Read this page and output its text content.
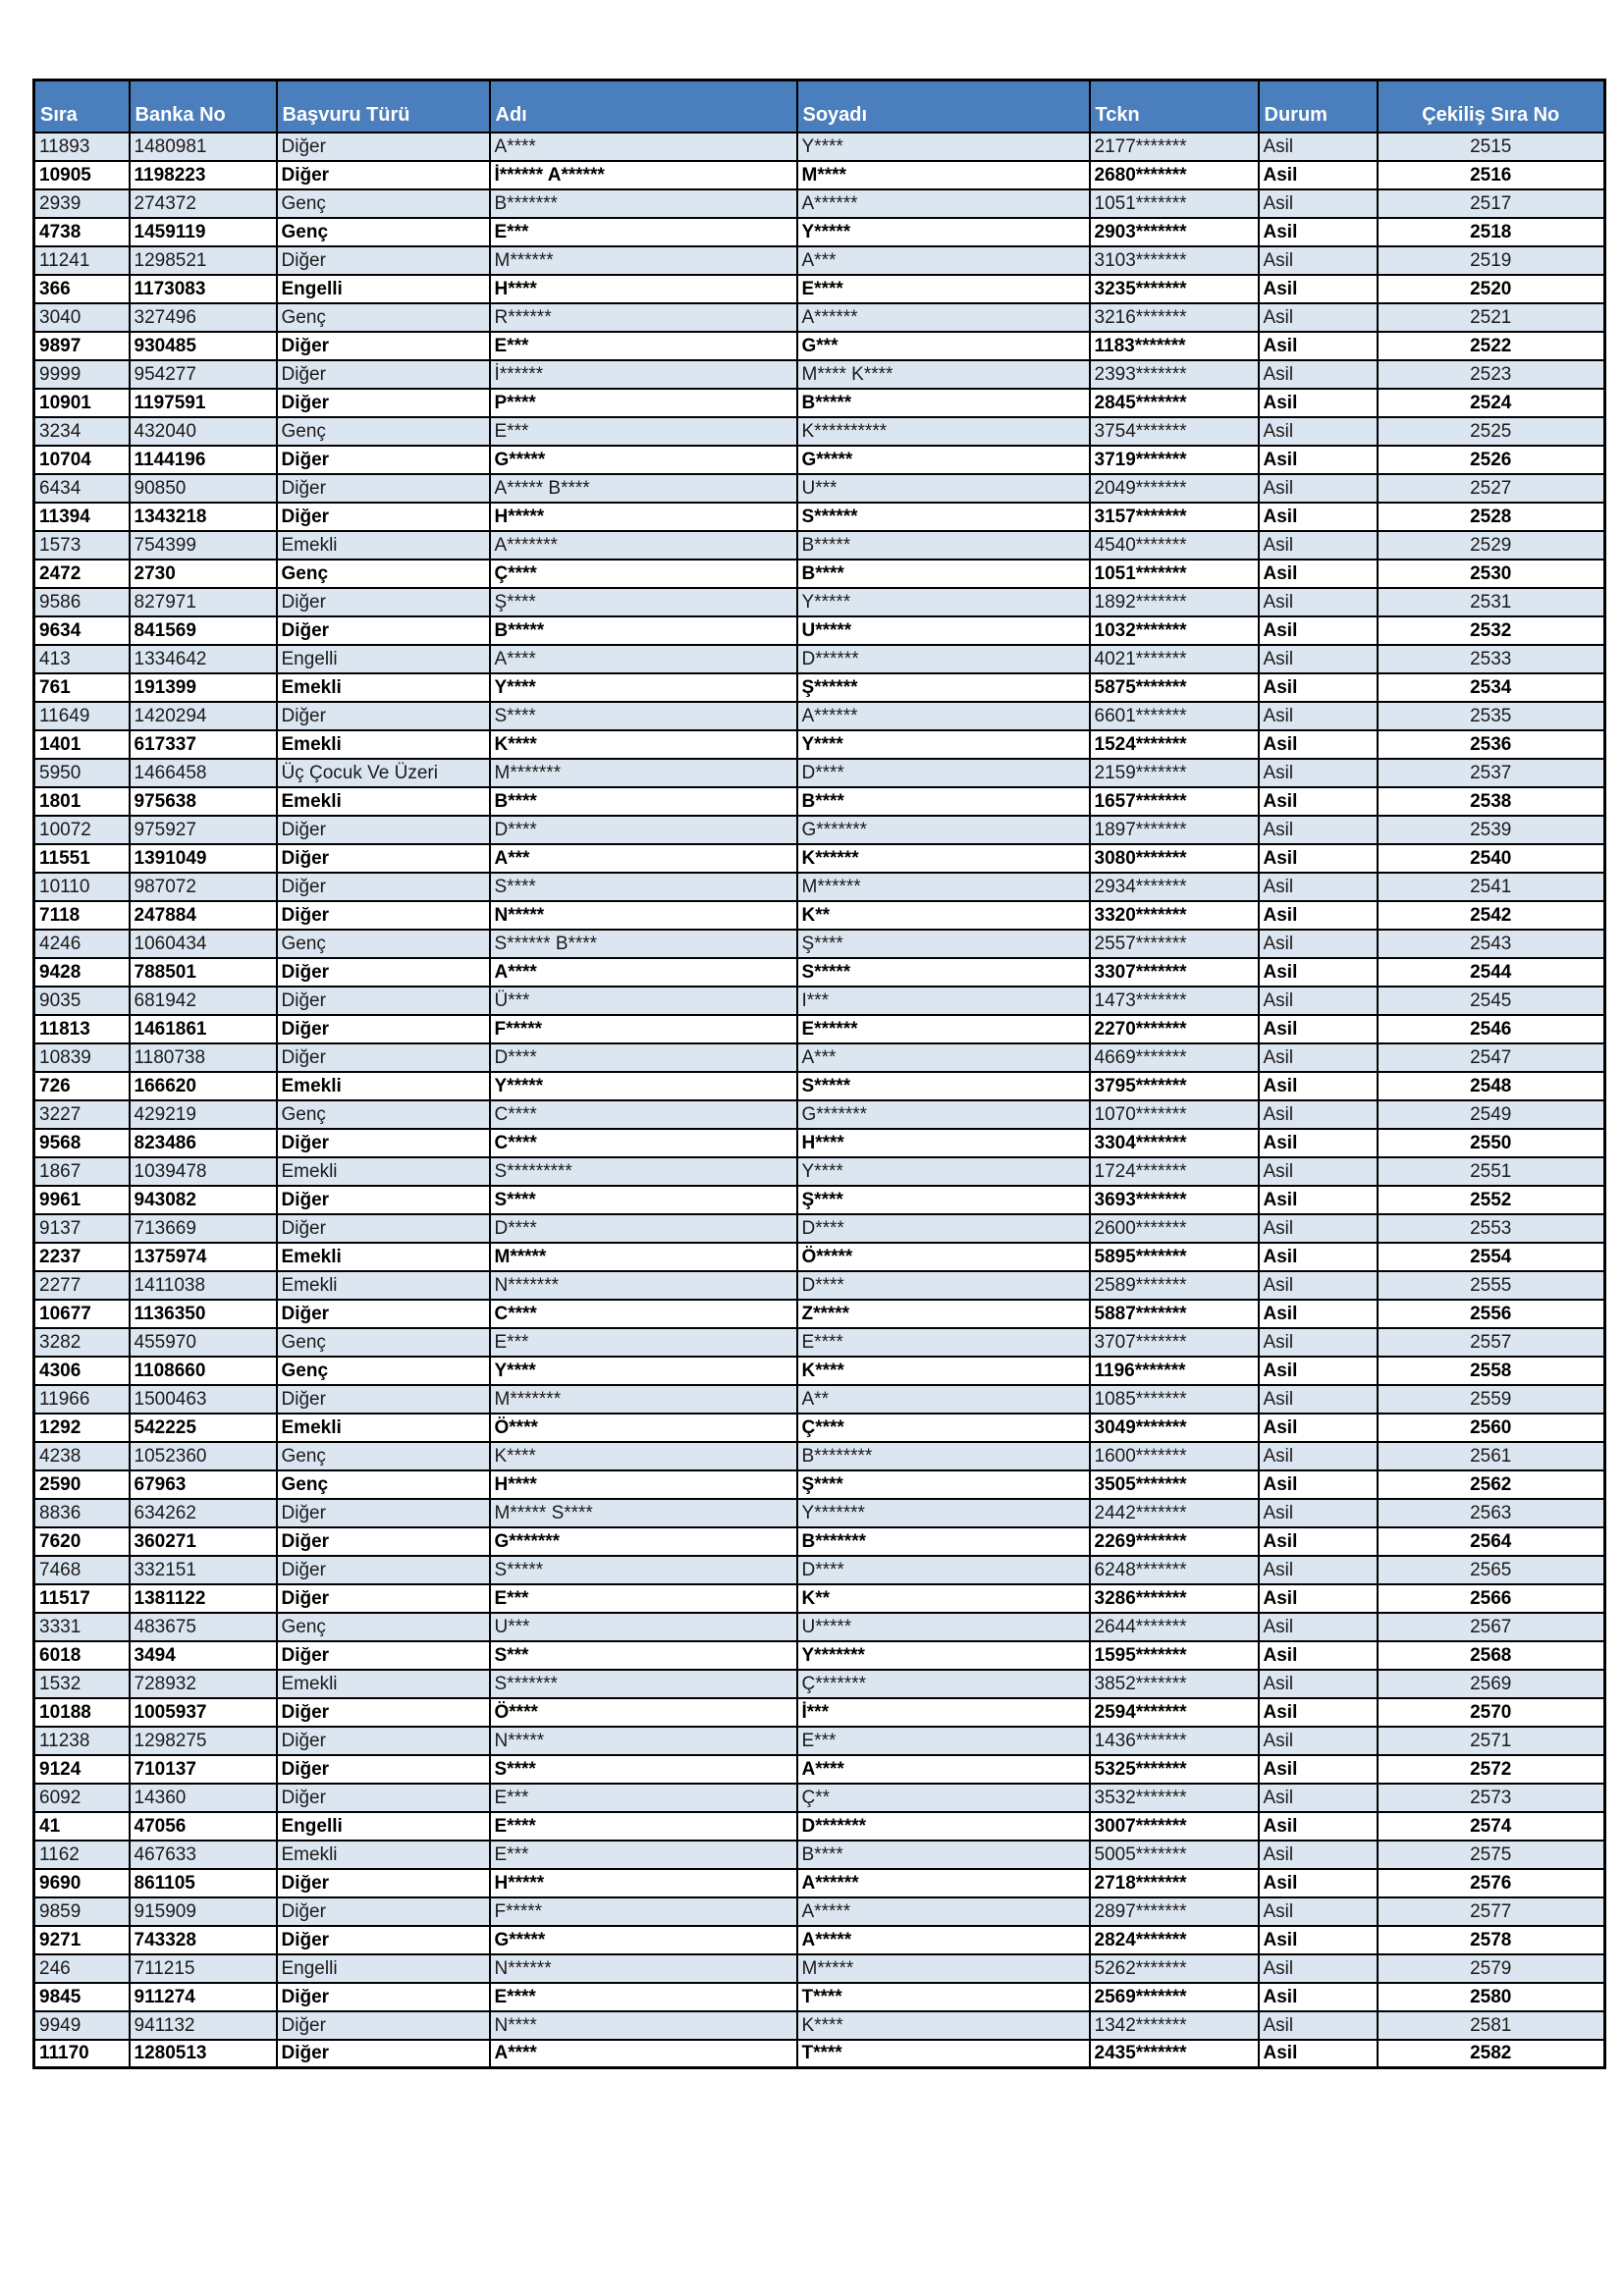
Sıra	Banka No	Başvuru Türü	Adı	Soyadı	Tckn	Durum	Çekiliş Sıra No
11893	1480981	Diğer	A****	Y****	2177*******	Asil	2515
10905	1198223	Diğer	İ****** A******	M****	2680*******	Asil	2516
2939	274372	Genç	B*******	A******	1051*******	Asil	2517
4738	1459119	Genç	E***	Y*****	2903*******	Asil	2518
11241	1298521	Diğer	M******	A***	3103*******	Asil	2519
366	1173083	Engelli	H****	E****	3235*******	Asil	2520
3040	327496	Genç	R******	A******	3216*******	Asil	2521
9897	930485	Diğer	E***	G***	1183*******	Asil	2522
9999	954277	Diğer	İ******	M**** K****	2393*******	Asil	2523
10901	1197591	Diğer	P****	B*****	2845*******	Asil	2524
3234	432040	Genç	E***	K**********	3754*******	Asil	2525
10704	1144196	Diğer	G*****	G*****	3719*******	Asil	2526
6434	90850	Diğer	A***** B****	U***	2049*******	Asil	2527
11394	1343218	Diğer	H*****	S******	3157*******	Asil	2528
1573	754399	Emekli	A*******	B*****	4540*******	Asil	2529
2472	2730	Genç	Ç****	B****	1051*******	Asil	2530
9586	827971	Diğer	Ş****	Y*****	1892*******	Asil	2531
9634	841569	Diğer	B*****	U*****	1032*******	Asil	2532
413	1334642	Engelli	A****	D******	4021*******	Asil	2533
761	191399	Emekli	Y****	Ş******	5875*******	Asil	2534
11649	1420294	Diğer	S****	A******	6601*******	Asil	2535
1401	617337	Emekli	K****	Y****	1524*******	Asil	2536
5950	1466458	Üç Çocuk Ve Üzeri	M*******	D****	2159*******	Asil	2537
1801	975638	Emekli	B****	B****	1657*******	Asil	2538
10072	975927	Diğer	D****	G*******	1897*******	Asil	2539
11551	1391049	Diğer	A***	K******	3080*******	Asil	2540
10110	987072	Diğer	S****	M******	2934*******	Asil	2541
7118	247884	Diğer	N*****	K**	3320*******	Asil	2542
4246	1060434	Genç	S****** B****	Ş****	2557*******	Asil	2543
9428	788501	Diğer	A****	S*****	3307*******	Asil	2544
9035	681942	Diğer	Ü***	I***	1473*******	Asil	2545
11813	1461861	Diğer	F*****	E******	2270*******	Asil	2546
10839	1180738	Diğer	D****	A***	4669*******	Asil	2547
726	166620	Emekli	Y*****	S*****	3795*******	Asil	2548
3227	429219	Genç	C****	G*******	1070*******	Asil	2549
9568	823486	Diğer	C****	H****	3304*******	Asil	2550
1867	1039478	Emekli	S*********	Y****	1724*******	Asil	2551
9961	943082	Diğer	S****	Ş****	3693*******	Asil	2552
9137	713669	Diğer	D****	D****	2600*******	Asil	2553
2237	1375974	Emekli	M*****	Ö*****	5895*******	Asil	2554
2277	1411038	Emekli	N*******	D****	2589*******	Asil	2555
10677	1136350	Diğer	C****	Z*****	5887*******	Asil	2556
3282	455970	Genç	E***	E****	3707*******	Asil	2557
4306	1108660	Genç	Y****	K****	1196*******	Asil	2558
11966	1500463	Diğer	M*******	A**	1085*******	Asil	2559
1292	542225	Emekli	Ö****	Ç****	3049*******	Asil	2560
4238	1052360	Genç	K****	B********	1600*******	Asil	2561
2590	67963	Genç	H****	Ş****	3505*******	Asil	2562
8836	634262	Diğer	M***** S****	Y*******	2442*******	Asil	2563
7620	360271	Diğer	G*******	B*******	2269*******	Asil	2564
7468	332151	Diğer	S*****	D****	6248*******	Asil	2565
11517	1381122	Diğer	E***	K**	3286*******	Asil	2566
3331	483675	Genç	U***	U*****	2644*******	Asil	2567
6018	3494	Diğer	S***	Y*******	1595*******	Asil	2568
1532	728932	Emekli	S*******	Ç*******	3852*******	Asil	2569
10188	1005937	Diğer	Ö****	İ***	2594*******	Asil	2570
11238	1298275	Diğer	N*****	E***	1436*******	Asil	2571
9124	710137	Diğer	S****	A****	5325*******	Asil	2572
6092	14360	Diğer	E***	Ç**	3532*******	Asil	2573
41	47056	Engelli	E****	D*******	3007*******	Asil	2574
1162	467633	Emekli	E***	B****	5005*******	Asil	2575
9690	861105	Diğer	H*****	A******	2718*******	Asil	2576
9859	915909	Diğer	F*****	A*****	2897*******	Asil	2577
9271	743328	Diğer	G*****	A*****	2824*******	Asil	2578
246	711215	Engelli	N******	M*****	5262*******	Asil	2579
9845	911274	Diğer	E****	T****	2569*******	Asil	2580
9949	941132	Diğer	N****	K****	1342*******	Asil	2581
11170	1280513	Diğer	A****	T****	2435*******	Asil	2582
